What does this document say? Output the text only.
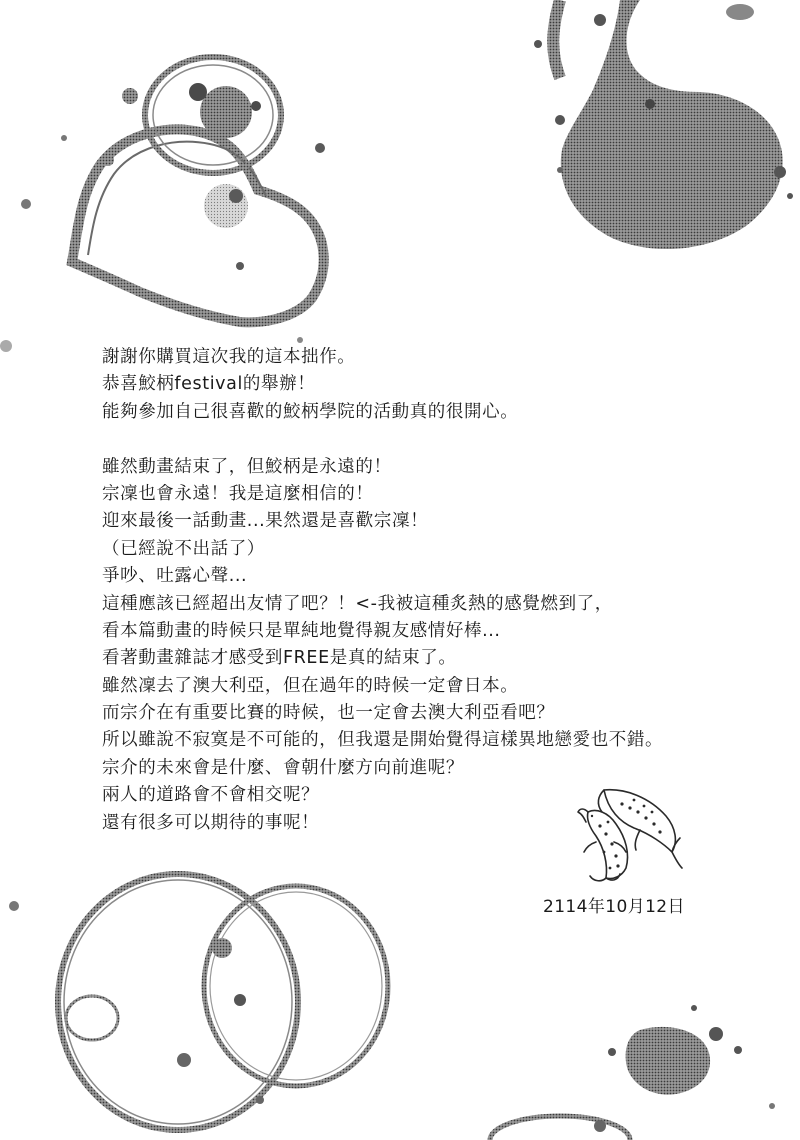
謝謝你購買這次我的這本拙作。
恭喜鮫柄festival的舉辦！
能夠參加自己很喜歡的鮫柄學院的活動真的很開心。
雖然動畫結束了，但鮫柄是永遠的！
宗凜也會永遠！我是這麼相信的！
迎來最後一話動畫...果然還是喜歡宗凜！
（已經說不出話了）
爭吵、吐露心聲...
這種應該已經超出友情了吧？！<-我被這種炙熱的感覺燃到了，
看本篇動畫的時候只是單純地覺得親友感情好棒...
看著動畫雜誌才感受到FREE是真的結束了。
雖然凜去了澳大利亞，但在過年的時候一定會日本。
而宗介在有重要比賽的時候，也一定會去澳大利亞看吧？
所以雖說不寂寞是不可能的，但我還是開始覺得這樣異地戀愛也不錯。
宗介的未來會是什麼、會朝什麼方向前進呢？
兩人的道路會不會相交呢？
還有很多可以期待的事呢！
2114年10月12日
